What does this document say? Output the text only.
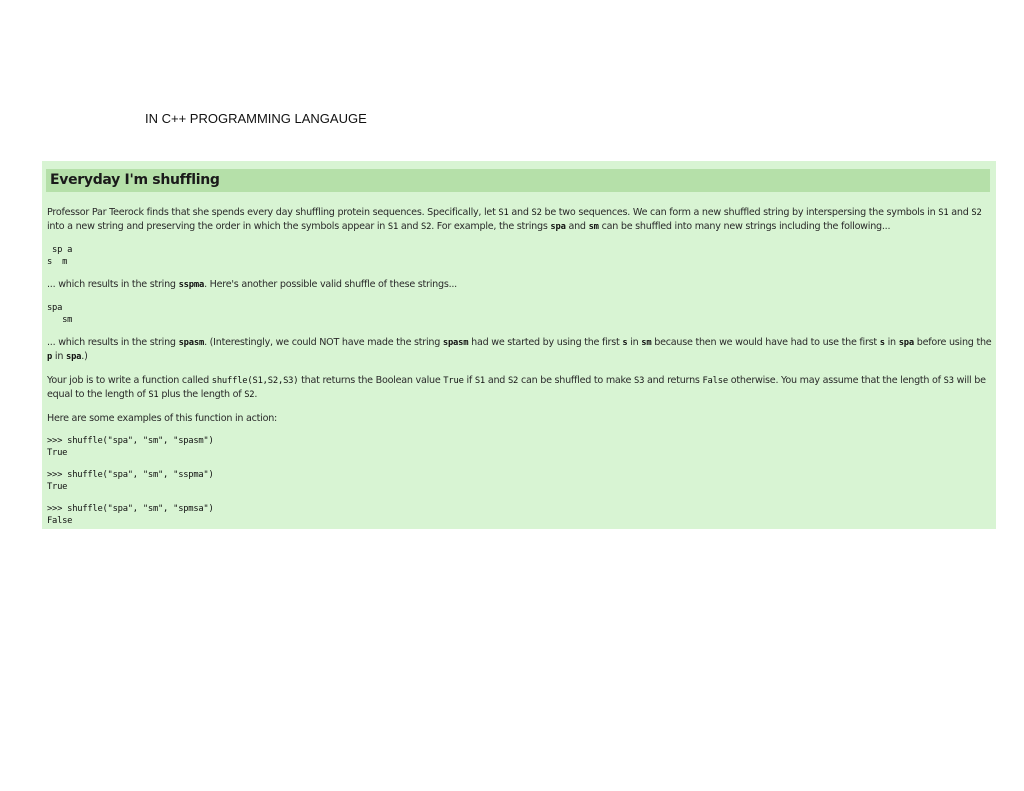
IN C++ PROGRAMMING LANGAUGE
Everyday I'm shuffling

Professor Par Teerock finds that she spends every day shuffling protein sequences. Specifically, let S1 and S2 be two sequences. We can form a new shuffled string by interspersing the symbols in S1 and S2 into a new string and preserving the order in which the symbols appear in S1 and S2. For example, the strings spa and sm can be shuffled into many new strings including the following...

sp a
s  m

... which results in the string sspma. Here's another possible valid shuffle of these strings...

spa
sm

... which results in the string spasm. (Interestingly, we could NOT have made the string spasm had we started by using the first s in sm because then we would have had to use the first s in spa before using the p in spa.)

Your job is to write a function called shuffle(S1,S2,S3) that returns the Boolean value True if S1 and S2 can be shuffled to make S3 and returns False otherwise. You may assume that the length of S3 will be equal to the length of S1 plus the length of S2.

Here are some examples of this function in action:

>>> shuffle("spa", "sm", "spasm")
True
>>> shuffle("spa", "sm", "sspma")
True
>>> shuffle("spa", "sm", "spmsa")
False
